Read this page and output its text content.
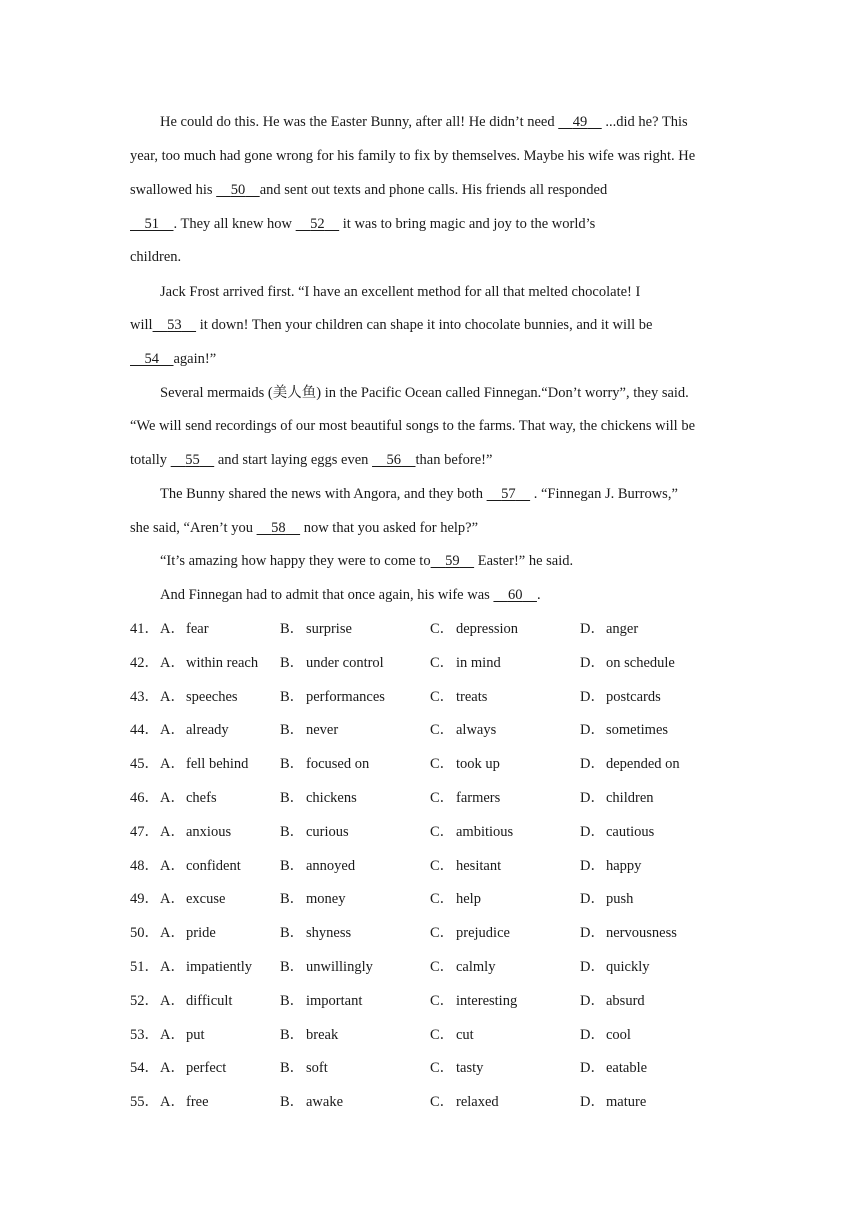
He could do this. He was the Easter Bunny, after all! He didn’t need 49 ...did he? This
year, too much had gone wrong for his family to fix by themselves. Maybe his wife was right. He
swallowed his 50 and sent out texts and phone calls. His friends all responded
51 . They all knew how 52 it was to bring magic and joy to the world’s
children.
Jack Frost arrived first. “I have an excellent method for all that melted chocolate! I
will 53 it down! Then your children can shape it into chocolate bunnies, and it will be
54 again!”
Several mermaids (美人鱼) in the Pacific Ocean called Finnegan.“Don’t worry”, they said.
“We will send recordings of our most beautiful songs to the farms. That way, the chickens will be
totally 55 and start laying eggs even 56 than before!”
The Bunny shared the news with Angora, and they both 57 . “Finnegan J. Burrows,”
she said, “Aren’t you 58 now that you asked for help?”
“It’s amazing how happy they were to come to 59 Easter!” he said.
And Finnegan had to admit that once again, his wife was 60 .
41． A．fear	B． surprise	C． depression	D．anger
42． A．within reach B． under control	C． in mind	D．on schedule
43． A．speeches	B． performances	C． treats	D．postcards
44． A．already	B． never	C． always	D．sometimes
45． A．fell behind B． focused on	C． took up	D．depended on
46． A．chefs	B． chickens	C． farmers	D．children
47． A．anxious	B． curious	C． ambitious	D．cautious
48． A．confident	B． annoyed	C． hesitant	D．happy
49． A．excuse	B． money	C． help	D．push
50． A．pride	B． shyness	C． prejudice	D．nervousness
51． A．impatiently B． unwillingly	C． calmly	D．quickly
52． A．difficult	B． important	C． interesting	D．absurd
53． A．put	B． break	C． cut	D．cool
54． A．perfect	B． soft	C． tasty	D．eatable
55． A．free	B． awake	C． relaxed	D．mature
